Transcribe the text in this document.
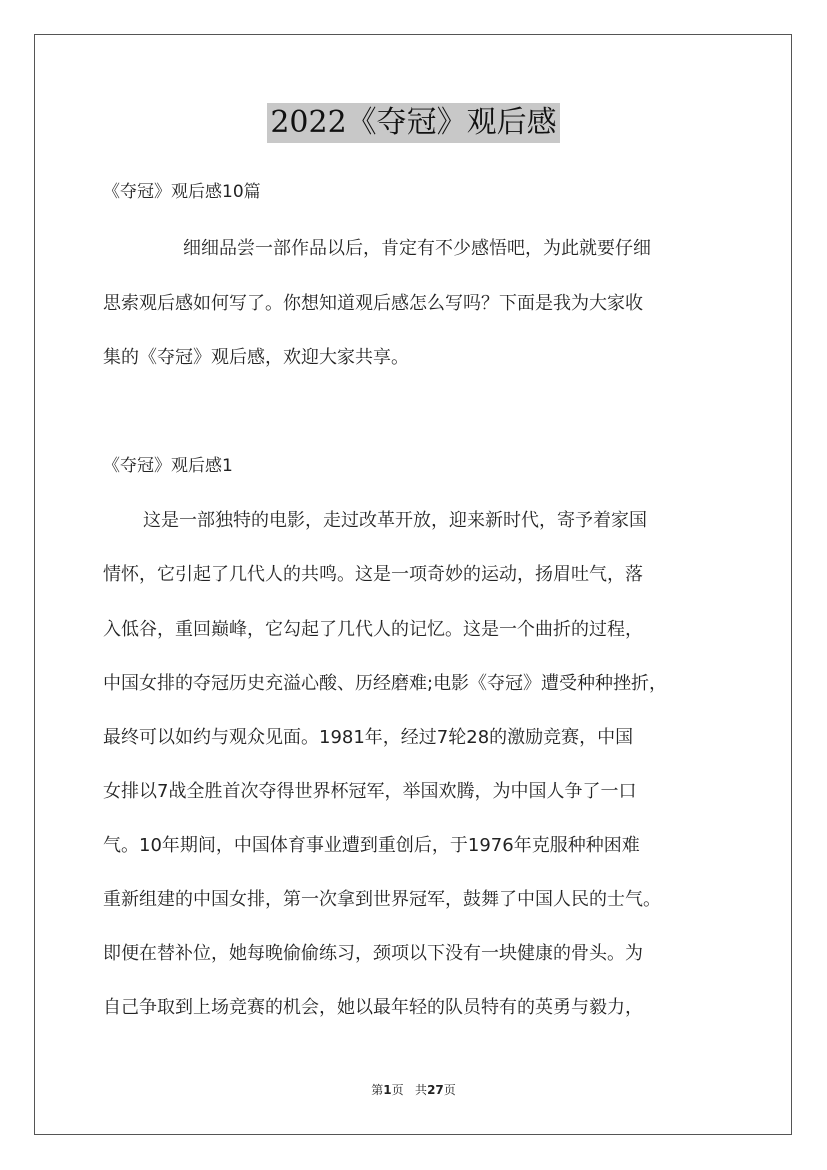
2022《夺冠》观后感
《夺冠》观后感10篇
细细品尝一部作品以后，肯定有不少感悟吧，为此就要仔细
思索观后感如何写了。你想知道观后感怎么写吗？下面是我为大家收
集的《夺冠》观后感，欢迎大家共享。
《夺冠》观后感1
这是一部独特的电影，走过改革开放，迎来新时代，寄予着家国
情怀，它引起了几代人的共鸣。这是一项奇妙的运动，扬眉吐气，落
入低谷，重回巅峰，它勾起了几代人的记忆。这是一个曲折的过程，
中国女排的夺冠历史充溢心酸、历经磨难;电影《夺冠》遭受种种挫折，
最终可以如约与观众见面。1981年，经过7轮28的激励竞赛，中国
女排以7战全胜首次夺得世界杯冠军，举国欢腾，为中国人争了一口
气。10年期间，中国体育事业遭到重创后，于1976年克服种种困难
重新组建的中国女排，第一次拿到世界冠军，鼓舞了中国人民的士气。
即便在替补位，她每晚偷偷练习，颈项以下没有一块健康的骨头。为
自己争取到上场竞赛的机会，她以最年轻的队员特有的英勇与毅力，
第1页 共27页
